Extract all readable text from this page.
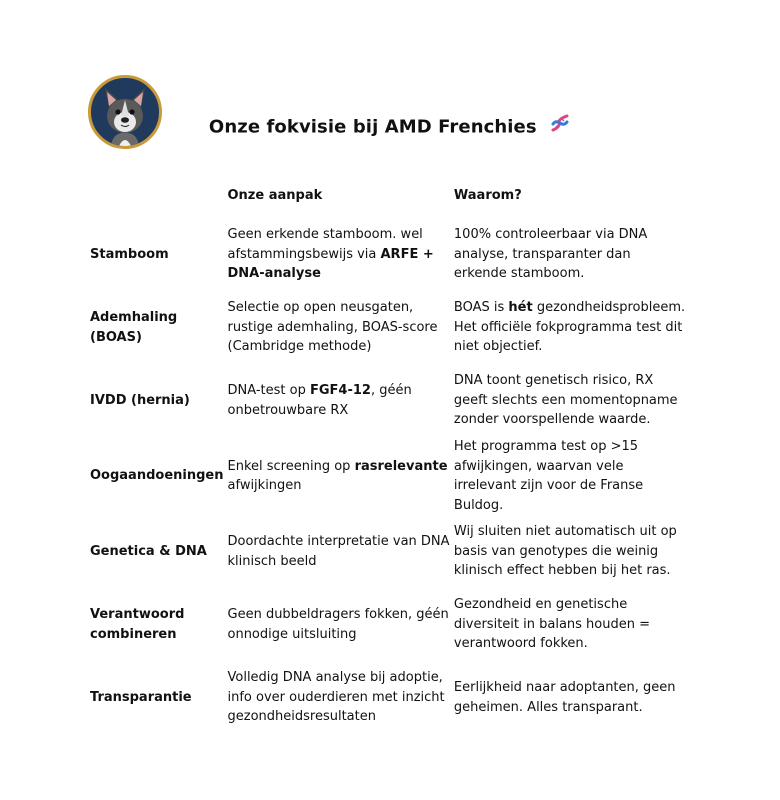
Onze fokvisie bij AMD Frenchies
	Onze aanpak	Waarom?
Stamboom	Geen erkende stamboom. wel afstammingsbewijs via ARFE + DNA-analyse	100% controleerbaar via DNA analyse, transparanter dan erkende stamboom.
Ademhaling (BOAS)	Selectie op open neusgaten, rustige ademhaling, BOAS-score (Cambridge methode)	BOAS is hét gezondheidsprobleem. Het officiële fokprogramma test dit niet objectief.
IVDD (hernia)	DNA-test op FGF4-12, géén onbetrouwbare RX	DNA toont genetisch risico, RX geeft slechts een momentopname zonder voorspellende waarde.
Oogaandoeningen	Enkel screening op rasrelevante afwijkingen	Het programma test op >15 afwijkingen, waarvan vele irrelevant zijn voor de Franse Buldog.
Genetica & DNA	Doordachte interpretatie van DNA klinisch beeld	Wij sluiten niet automatisch uit op basis van genotypes die weinig klinisch effect hebben bij het ras.
Verantwoord combineren	Geen dubbeldragers fokken, géén onnodige uitsluiting	Gezondheid en genetische diversiteit in balans houden = verantwoord fokken.
Transparantie	Volledig DNA analyse bij adoptie, info over ouderdieren met inzicht gezondheidsresultaten	Eerlijkheid naar adoptanten, geen geheimen. Alles transparant.
